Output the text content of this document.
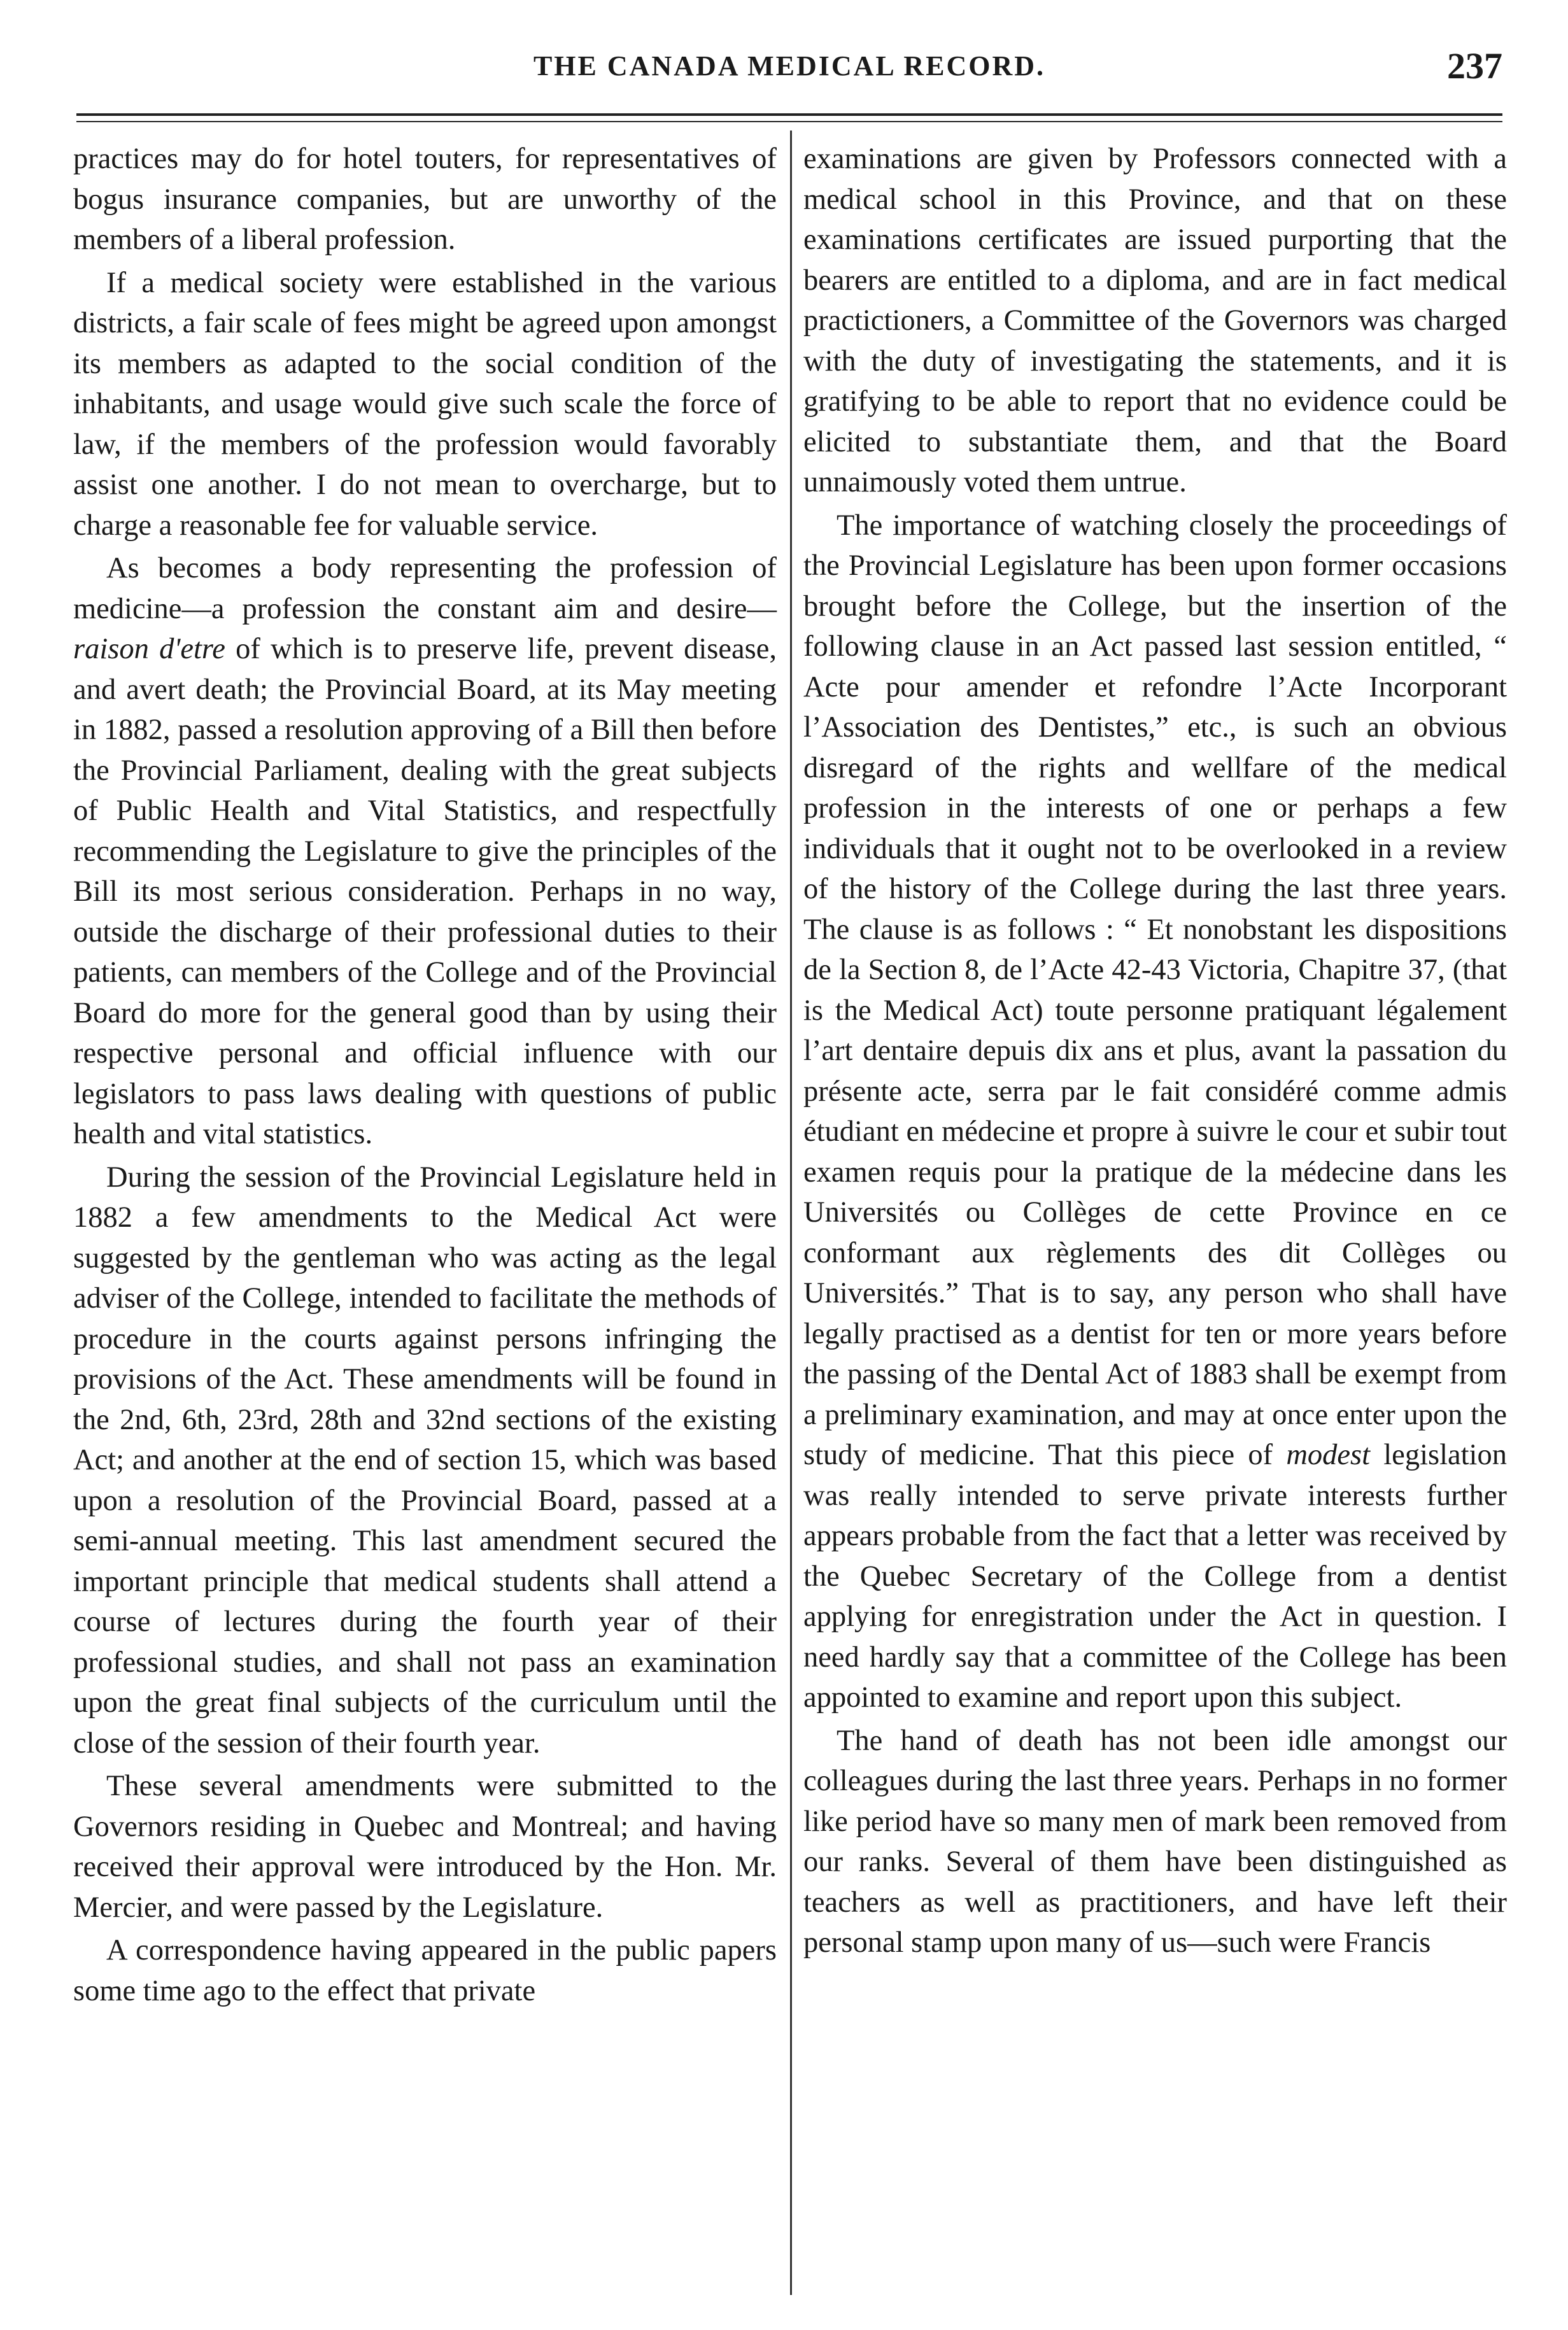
THE CANADA MEDICAL RECORD.	237

practices may do for hotel touters, for representatives of bogus insurance companies, but are unworthy of the members of a liberal profession.

If a medical society were established in the various districts, a fair scale of fees might be agreed upon amongst its members as adapted to the social condition of the inhabitants, and usage would give such scale the force of law, if the members of the profession would favorably assist one another. I do not mean to overcharge, but to charge a reasonable fee for valuable service.

As becomes a body representing the profession of medicine—a profession the constant aim and desire—raison d'etre of which is to preserve life, prevent disease, and avert death; the Provincial Board, at its May meeting in 1882, passed a resolution approving of a Bill then before the Provincial Parliament, dealing with the great subjects of Public Health and Vital Statistics, and respectfully recommending the Legislature to give the principles of the Bill its most serious consideration. Perhaps in no way, outside the discharge of their professional duties to their patients, can members of the College and of the Provincial Board do more for the general good than by using their respective personal and official influence with our legislators to pass laws dealing with questions of public health and vital statistics.

During the session of the Provincial Legislature held in 1882 a few amendments to the Medical Act were suggested by the gentleman who was acting as the legal adviser of the College, intended to facilitate the methods of procedure in the courts against persons infringing the provisions of the Act. These amendments will be found in the 2nd, 6th, 23rd, 28th and 32nd sections of the existing Act; and another at the end of section 15, which was based upon a resolution of the Provincial Board, passed at a semi-annual meeting. This last amendment secured the important principle that medical students shall attend a course of lectures during the fourth year of their professional studies, and shall not pass an examination upon the great final subjects of the curriculum until the close of the session of their fourth year.

These several amendments were submitted to the Governors residing in Quebec and Montreal; and having received their approval were introduced by the Hon. Mr. Mercier, and were passed by the Legislature.

A correspondence having appeared in the public papers some time ago to the effect that private

examinations are given by Professors connected with a medical school in this Province, and that on these examinations certificates are issued purporting that the bearers are entitled to a diploma, and are in fact medical practictioners, a Committee of the Governors was charged with the duty of investigating the statements, and it is gratifying to be able to report that no evidence could be elicited to substantiate them, and that the Board unnaimously voted them untrue.

The importance of watching closely the proceedings of the Provincial Legislature has been upon former occasions brought before the College, but the insertion of the following clause in an Act passed last session entitled, “ Acte pour amender et refondre l’Acte Incorporant l’Association des Dentistes,” etc., is such an obvious disregard of the rights and wellfare of the medical profession in the interests of one or perhaps a few individuals that it ought not to be overlooked in a review of the history of the College during the last three years. The clause is as follows : “ Et nonobstant les dispositions de la Section 8, de l’Acte 42-43 Victoria, Chapitre 37, (that is the Medical Act) toute personne pratiquant légalement l’art dentaire depuis dix ans et plus, avant la passation du présente acte, serra par le fait considéré comme admis étudiant en médecine et propre à suivre le cour et subir tout examen requis pour la pratique de la médecine dans les Universités ou Collèges de cette Province en ce conformant aux règlements des dit Collèges ou Universités.” That is to say, any person who shall have legally practised as a dentist for ten or more years before the passing of the Dental Act of 1883 shall be exempt from a preliminary examination, and may at once enter upon the study of medicine. That this piece of modest legislation was really intended to serve private interests further appears probable from the fact that a letter was received by the Quebec Secretary of the College from a dentist applying for enregistration under the Act in question. I need hardly say that a committee of the College has been appointed to examine and report upon this subject.

The hand of death has not been idle amongst our colleagues during the last three years. Perhaps in no former like period have so many men of mark been removed from our ranks. Several of them have been distinguished as teachers as well as practitioners, and have left their personal stamp upon many of us—such were Francis
